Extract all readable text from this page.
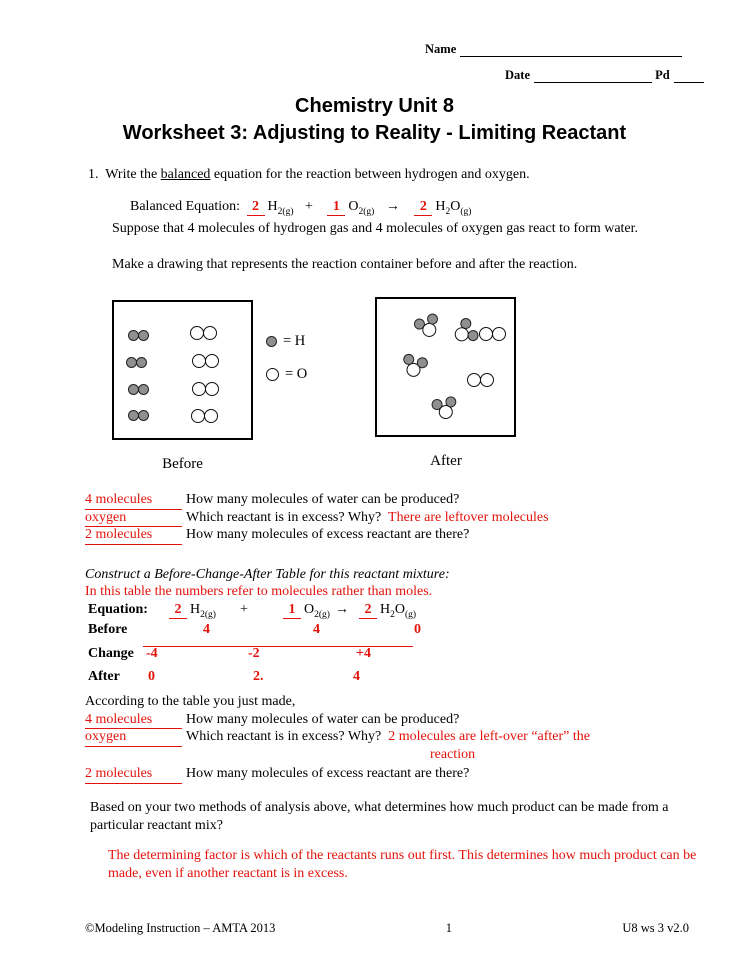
Name
Date	Pd
Chemistry Unit 8
Worksheet 3: Adjusting to Reality - Limiting Reactant
1. Write the balanced equation for the reaction between hydrogen and oxygen.
Balanced Equation: 2 $H_{2(g)} + 1$ $O_{2(g)} \to 2$ $H_2O_{(g)}$
Suppose that 4 molecules of hydrogen gas and 4 molecules of oxygen gas react to form water.
Make a drawing that represents the reaction container before and after the reaction.
= H
= O
Before	After
4 molecules How many molecules of water can be produced?
oxygen	Which reactant is in excess? Why? There are leftover molecules
2 molecules How many molecules of excess reactant are there?
Construct a Before-Change-After Table for this reactant mixture:
In this table the numbers refer to molecules rather than moles.
Equation:	2 $H_{2(g)}$ +	1 $O_{2(g)}$ →	2 $H_2O_{(g)}$
Before	4	4	0
Change -4	-2	+4
After 0	2.	4
According to the table you just made,
4 molecules How many molecules of water can be produced?
oxygen	Which reactant is in excess? Why? 2 molecules are left-over “after” the
reaction
2 molecules How many molecules of excess reactant are there?
Based on your two methods of analysis above, what determines how much product can be made from a particular reactant mix?
The determining factor is which of the reactants runs out first. This determines how much product can be made, even if another reactant is in excess.
©Modeling Instruction – AMTA 2013	1	U8 ws 3 v2.0
